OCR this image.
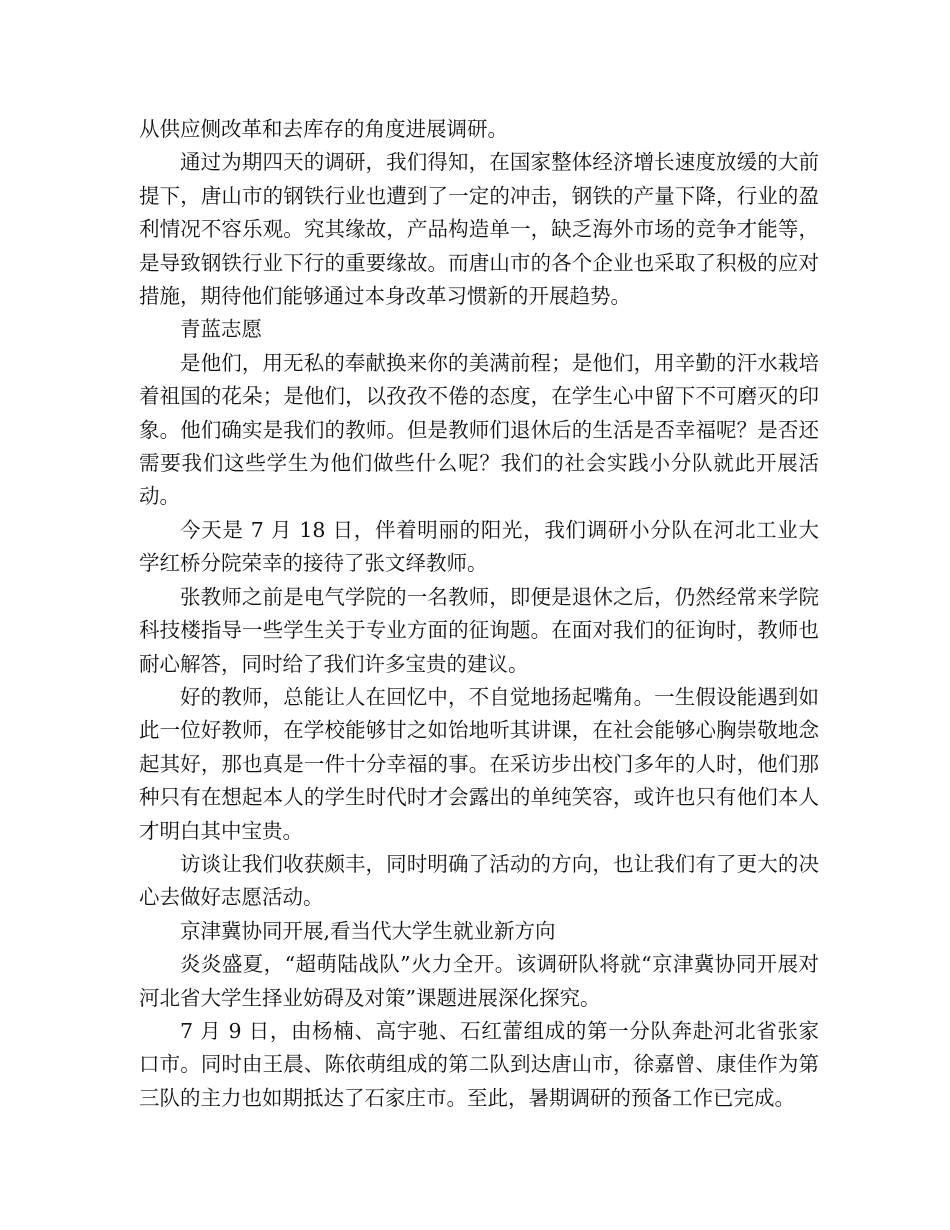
从供应侧改革和去库存的角度进展调研。

通过为期四天的调研，我们得知，在国家整体经济增长速度放缓的大前提下，唐山市的钢铁行业也遭到了一定的冲击，钢铁的产量下降，行业的盈利情况不容乐观。究其缘故，产品构造单一，缺乏海外市场的竞争才能等，是导致钢铁行业下行的重要缘故。而唐山市的各个企业也采取了积极的应对措施，期待他们能够通过本身改革习惯新的开展趋势。

青蓝志愿

是他们，用无私的奉献换来你的美满前程；是他们，用辛勤的汗水栽培着祖国的花朵；是他们，以孜孜不倦的态度，在学生心中留下不可磨灭的印象。他们确实是我们的教师。但是教师们退休后的生活是否幸福呢？是否还需要我们这些学生为他们做些什么呢？我们的社会实践小分队就此开展活动。

今天是 7 月 18 日，伴着明丽的阳光，我们调研小分队在河北工业大学红桥分院荣幸的接待了张文绎教师。

张教师之前是电气学院的一名教师，即便是退休之后，仍然经常来学院科技楼指导一些学生关于专业方面的征询题。在面对我们的征询时，教师也耐心解答，同时给了我们许多宝贵的建议。

好的教师，总能让人在回忆中，不自觉地扬起嘴角。一生假设能遇到如此一位好教师，在学校能够甘之如饴地听其讲课，在社会能够心胸崇敬地念起其好，那也真是一件十分幸福的事。在采访步出校门多年的人时，他们那种只有在想起本人的学生时代时才会露出的单纯笑容，或许也只有他们本人才明白其中宝贵。

访谈让我们收获颇丰，同时明确了活动的方向，也让我们有了更大的决心去做好志愿活动。

京津冀协同开展,看当代大学生就业新方向

炎炎盛夏，“超萌陆战队”火力全开。该调研队将就“京津冀协同开展对河北省大学生择业妨碍及对策”课题进展深化探究。

7 月 9 日，由杨楠、高宇驰、石红蕾组成的第一分队奔赴河北省张家口市。同时由王晨、陈依萌组成的第二队到达唐山市，徐嘉曾、康佳作为第三队的主力也如期抵达了石家庄市。至此，暑期调研的预备工作已完成。
